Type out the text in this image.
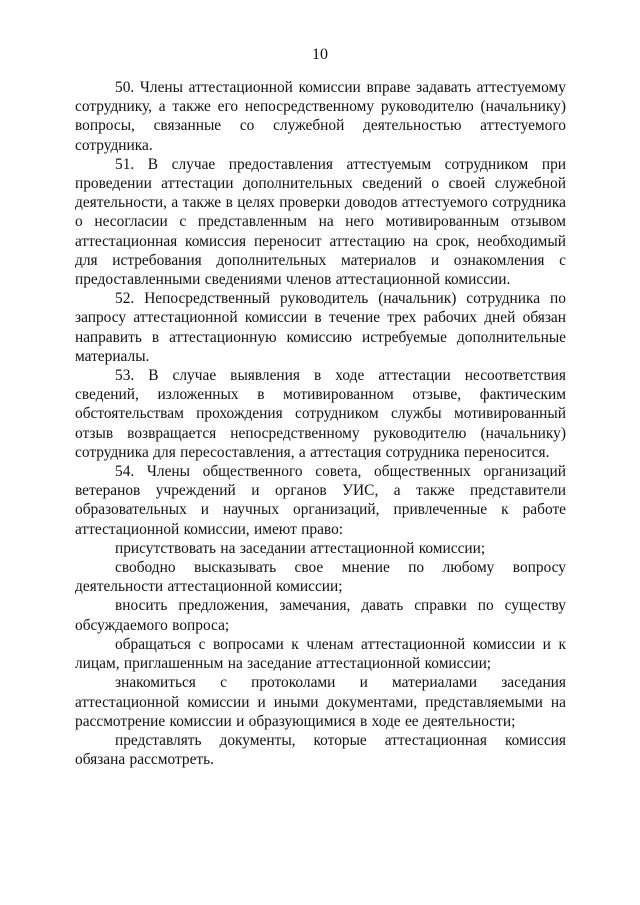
10

50. Члены аттестационной комиссии вправе задавать аттестуемому сотруднику, а также его непосредственному руководителю (начальнику) вопросы, связанные со служебной деятельностью аттестуемого сотрудника.

51. В случае предоставления аттестуемым сотрудником при проведении аттестации дополнительных сведений о своей служебной деятельности, а также в целях проверки доводов аттестуемого сотрудника о несогласии с представленным на него мотивированным отзывом аттестационная комиссия переносит аттестацию на срок, необходимый для истребования дополнительных материалов и ознакомления с предоставленными сведениями членов аттестационной комиссии.

52. Непосредственный руководитель (начальник) сотрудника по запросу аттестационной комиссии в течение трех рабочих дней обязан направить в аттестационную комиссию истребуемые дополнительные материалы.

53. В случае выявления в ходе аттестации несоответствия сведений, изложенных в мотивированном отзыве, фактическим обстоятельствам прохождения сотрудником службы мотивированный отзыв возвращается непосредственному руководителю (начальнику) сотрудника для пересоставления, а аттестация сотрудника переносится.

54. Члены общественного совета, общественных организаций ветеранов учреждений и органов УИС, а также представители образовательных и научных организаций, привлеченные к работе аттестационной комиссии, имеют право:

присутствовать на заседании аттестационной комиссии;

свободно высказывать свое мнение по любому вопросу деятельности аттестационной комиссии;

вносить предложения, замечания, давать справки по существу обсуждаемого вопроса;

обращаться с вопросами к членам аттестационной комиссии и к лицам, приглашенным на заседание аттестационной комиссии;

знакомиться с протоколами и материалами заседания аттестационной комиссии и иными документами, представляемыми на рассмотрение комиссии и образующимися в ходе ее деятельности;

представлять документы, которые аттестационная комиссия обязана рассмотреть.
